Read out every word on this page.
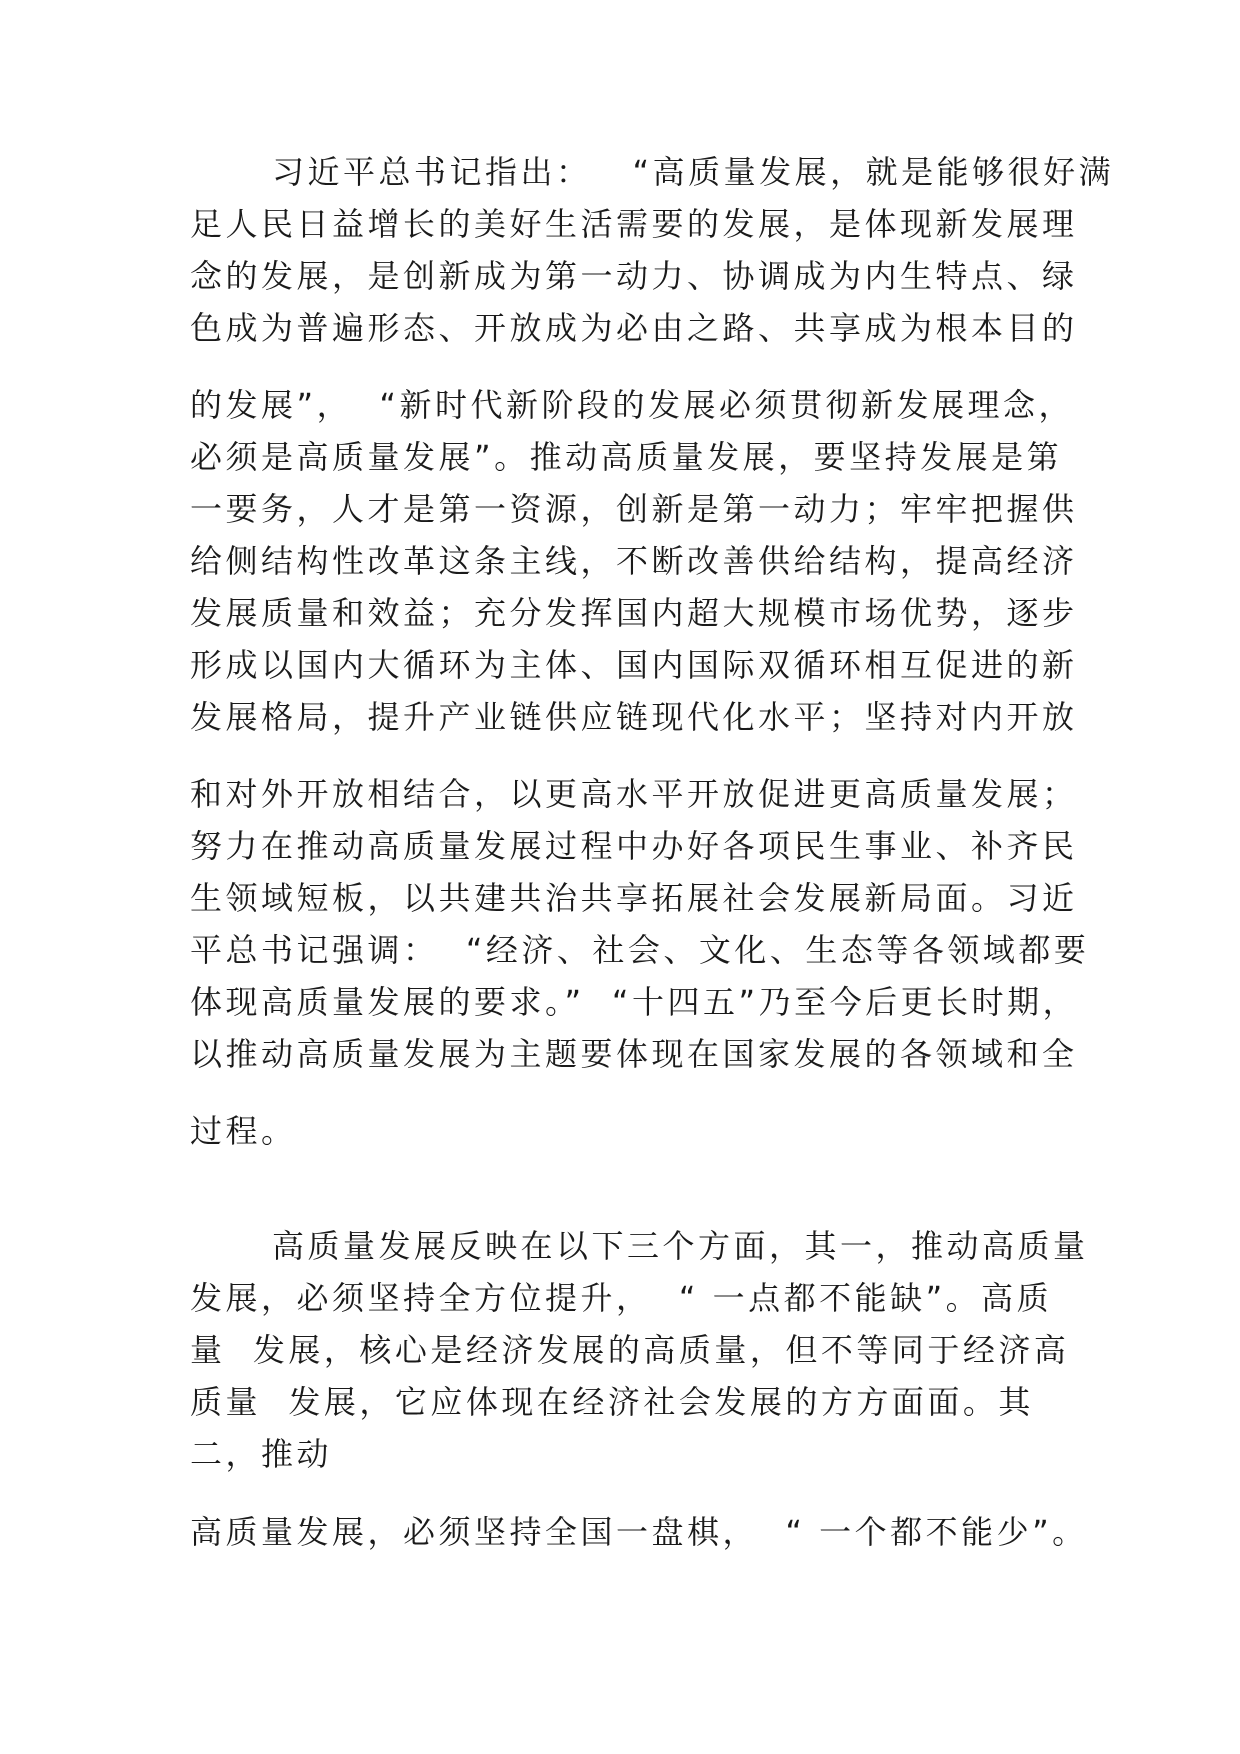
习近平总书记指出：   “高质量发展，就是能够很好满
足人民日益增长的美好生活需要的发展，是体现新发展理
念的发展，是创新成为第一动力、协调成为内生特点、绿
色成为普遍形态、开放成为必由之路、共享成为根本目的
的发展”，  “新时代新阶段的发展必须贯彻新发展理念，
必须是高质量发展”。推动高质量发展，要坚持发展是第
一要务，人才是第一资源，创新是第一动力；牢牢把握供
给侧结构性改革这条主线，不断改善供给结构，提高经济
发展质量和效益；充分发挥国内超大规模市场优势，逐步
形成以国内大循环为主体、国内国际双循环相互促进的新
发展格局，提升产业链供应链现代化水平；坚持对内开放
和对外开放相结合，以更高水平开放促进更高质量发展；
努力在推动高质量发展过程中办好各项民生事业、补齐民
生领域短板，以共建共治共享拓展社会发展新局面。习近
平总书记强调：  “经济、社会、文化、生态等各领域都要
体现高质量发展的要求。”  “十四五”乃至今后更长时期，
以推动高质量发展为主题要体现在国家发展的各领域和全
过程。
高质量发展反映在以下三个方面，其一，推动高质量
发展，必须坚持全方位提升，  “ 一点都不能缺”。高质
量  发展，核心是经济发展的高质量，但不等同于经济高
质量  发展，它应体现在经济社会发展的方方面面。其
二，推动
高质量发展，必须坚持全国一盘棋，  “ 一个都不能少”。
